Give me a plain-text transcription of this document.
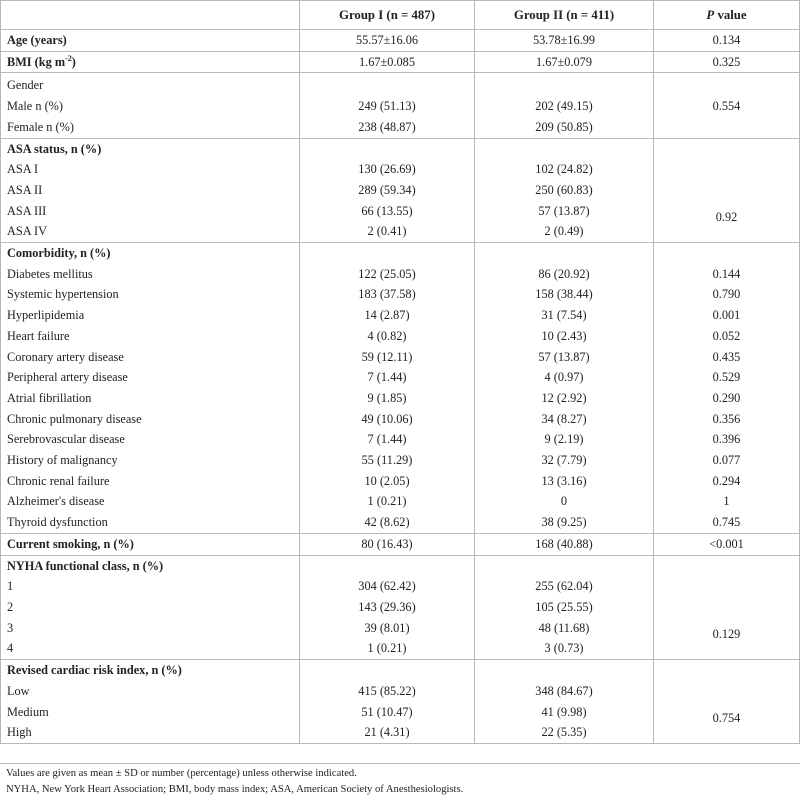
	Group I (n = 487)	Group II (n = 411)	P value
Age (years)	55.57±16.06	53.78±16.99	0.134
BMI (kg $m^{-2}$)	1.67±0.085	1.67±0.079	0.325
Gender			0.554
Male n (%)	249 (51.13)	202 (49.15)	
Female n (%)	238 (48.87)	209 (50.85)	
ASA status, n (%)			0.92
ASA I	130 (26.69)	102 (24.82)	
ASA II	289 (59.34)	250 (60.83)	
ASA III	66 (13.55)	57 (13.87)	
ASA IV	2 (0.41)	2 (0.49)	
Comorbidity, n (%)			
Diabetes mellitus	122 (25.05)	86 (20.92)	0.144
Systemic hypertension	183 (37.58)	158 (38.44)	0.790
Hyperlipidemia	14 (2.87)	31 (7.54)	0.001
Heart failure	4 (0.82)	10 (2.43)	0.052
Coronary artery disease	59 (12.11)	57 (13.87)	0.435
Peripheral artery disease	7 (1.44)	4 (0.97)	0.529
Atrial fibrillation	9 (1.85)	12 (2.92)	0.290
Chronic pulmonary disease	49 (10.06)	34 (8.27)	0.356
Serebrovascular disease	7 (1.44)	9 (2.19)	0.396
History of malignancy	55 (11.29)	32 (7.79)	0.077
Chronic renal failure	10 (2.05)	13 (3.16)	0.294
Alzheimer's disease	1 (0.21)	0	1
Thyroid dysfunction	42 (8.62)	38 (9.25)	0.745
Current smoking, n (%)	80 (16.43)	168 (40.88)	<0.001
NYHA functional class, n (%)			0.129
1	304 (62.42)	255 (62.04)	
2	143 (29.36)	105 (25.55)	
3	39 (8.01)	48 (11.68)	
4	1 (0.21)	3 (0.73)	
Revised cardiac risk index, n (%)			0.754
Low	415 (85.22)	348 (84.67)	
Medium	51 (10.47)	41 (9.98)	
High	21 (4.31)	22 (5.35)	
Values are given as mean ± SD or number (percentage) unless otherwise indicated.
NYHA, New York Heart Association; BMI, body mass index; ASA, American Society of Anesthesiologists.
